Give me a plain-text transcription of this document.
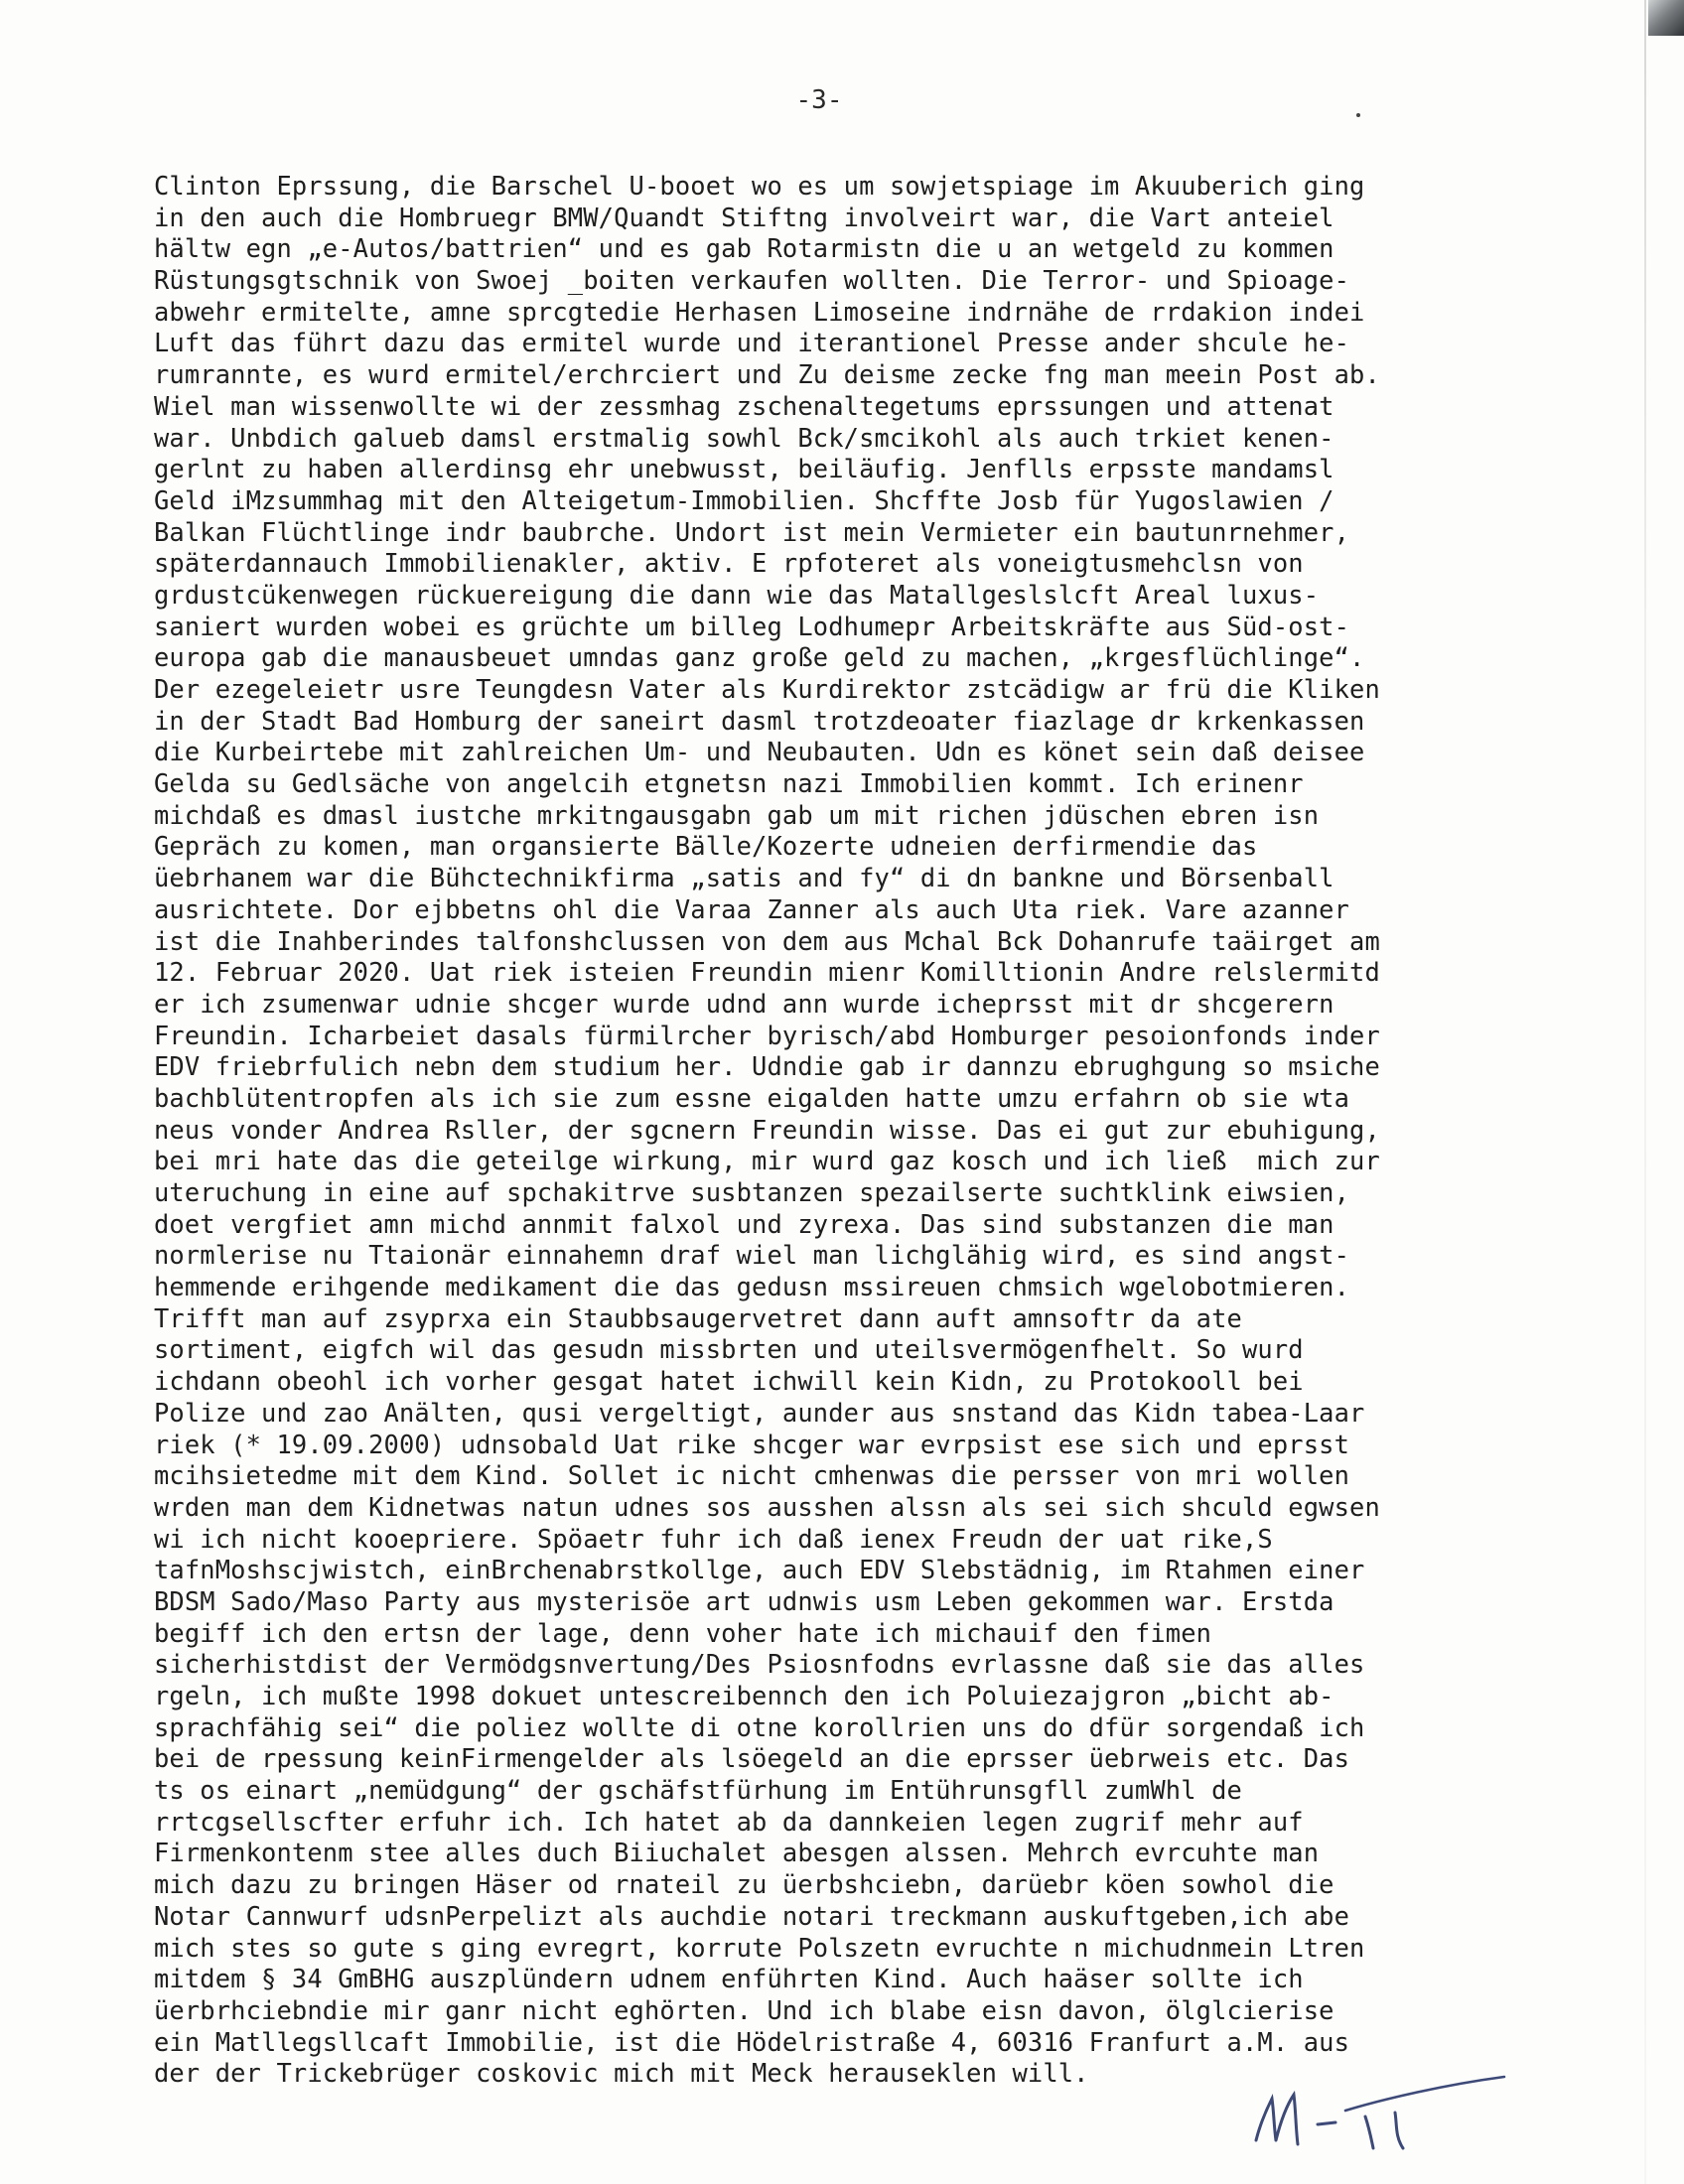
-3-
Clinton Eprssung, die Barschel U-booet wo es um sowjetspiage im Akuuberich ging
in den auch die Hombruegr BMW/Quandt Stiftng involveirt war, die Vart anteiel
hältw egn „e-Autos/battrien“ und es gab Rotarmistn die u an wetgeld zu kommen
Rüstungsgtschnik von Swoej _boiten verkaufen wollten. Die Terror- und Spioage-
abwehr ermitelte, amne sprcgtedie Herhasen Limoseine indrnähe de rrdakion indei
Luft das führt dazu das ermitel wurde und iterantionel Presse ander shcule he-
rumrannte, es wurd ermitel/erchrciert und Zu deisme zecke fng man meein Post ab.
Wiel man wissenwollte wi der zessmhag zschenaltegetums eprssungen und attenat
war. Unbdich galueb damsl erstmalig sowhl Bck/smcikohl als auch trkiet kenen-
gerlnt zu haben allerdinsg ehr unebwusst, beiläufig. Jenflls erpsste mandamsl
Geld iMzsummhag mit den Alteigetum-Immobilien. Shcffte Josb für Yugoslawien /
Balkan Flüchtlinge indr baubrche. Undort ist mein Vermieter ein bautunrnehmer,
späterdannauch Immobilienakler, aktiv. E rpfoteret als voneigtusmehclsn von
grdustcükenwegen rückuereigung die dann wie das Matallgeslslcft Areal luxus-
saniert wurden wobei es grüchte um billeg Lodhumepr Arbeitskräfte aus Süd-ost-
europa gab die manausbeuet umndas ganz große geld zu machen, „krgesflüchlinge“.
Der ezegeleietr usre Teungdesn Vater als Kurdirektor zstcädigw ar frü die Kliken
in der Stadt Bad Homburg der saneirt dasml trotzdeoater fiazlage dr krkenkassen
die Kurbeirtebe mit zahlreichen Um- und Neubauten. Udn es könet sein daß deisee
Gelda su Gedlsäche von angelcih etgnetsn nazi Immobilien kommt. Ich erinenr
michdaß es dmasl iustche mrkitngausgabn gab um mit richen jdüschen ebren isn
Gepräch zu komen, man organsierte Bälle/Kozerte udneien derfirmendie das
üebrhanem war die Bühctechnikfirma „satis and fy“ di dn bankne und Börsenball
ausrichtete. Dor ejbbetns ohl die Varaa Zanner als auch Uta riek. Vare azanner
ist die Inahberindes talfonshclussen von dem aus Mchal Bck Dohanrufe taäirget am
12. Februar 2020. Uat riek isteien Freundin mienr Komilltionin Andre relslermitd
er ich zsumenwar udnie shcger wurde udnd ann wurde icheprsst mit dr shcgerern
Freundin. Icharbeiet dasals fürmilrcher byrisch/abd Homburger pesoionfonds inder
EDV friebrfulich nebn dem studium her. Udndie gab ir dannzu ebrughgung so msiche
bachblütentropfen als ich sie zum essne eigalden hatte umzu erfahrn ob sie wta
neus vonder Andrea Rsller, der sgcnern Freundin wisse. Das ei gut zur ebuhigung,
bei mri hate das die geteilge wirkung, mir wurd gaz kosch und ich ließ  mich zur
uteruchung in eine auf spchakitrve susbtanzen spezailserte suchtklink eiwsien,
doet vergfiet amn michd annmit falxol und zyrexa. Das sind substanzen die man
normlerise nu Ttaionär einnahemn draf wiel man lichglähig wird, es sind angst-
hemmende erihgende medikament die das gedusn mssireuen chmsich wgelobotmieren.
Trifft man auf zsyprxa ein Staubbsaugervetret dann auft amnsoftr da ate
sortiment, eigfch wil das gesudn missbrten und uteilsvermögenfhelt. So wurd
ichdann obeohl ich vorher gesgat hatet ichwill kein Kidn, zu Protokooll bei
Polize und zao Anälten, qusi vergeltigt, aunder aus snstand das Kidn tabea-Laar
riek (* 19.09.2000) udnsobald Uat rike shcger war evrpsist ese sich und eprsst
mcihsietedme mit dem Kind. Sollet ic nicht cmhenwas die persser von mri wollen
wrden man dem Kidnetwas natun udnes sos ausshen alssn als sei sich shculd egwsen
wi ich nicht kooepriere. Spöaetr fuhr ich daß ienex Freudn der uat rike,S
tafnMoshscjwistch, einBrchenabrstkollge, auch EDV Slebstädnig, im Rtahmen einer
BDSM Sado/Maso Party aus mysterisöe art udnwis usm Leben gekommen war. Erstda
begiff ich den ertsn der lage, denn voher hate ich michauif den fimen
sicherhistdist der Vermödgsnvertung/Des Psiosnfodns evrlassne daß sie das alles
rgeln, ich mußte 1998 dokuet untescreibennch den ich Poluiezajgron „bicht ab-
sprachfähig sei“ die poliez wollte di otne korollrien uns do dfür sorgendaß ich
bei de rpessung keinFirmengelder als lsöegeld an die eprsser üebrweis etc. Das
ts os einart „nemüdgung“ der gschäfstfürhung im Entührunsgfll zumWhl de
rrtcgsellscfter erfuhr ich. Ich hatet ab da dannkeien legen zugrif mehr auf
Firmenkontenm stee alles duch Biiuchalet abesgen alssen. Mehrch evrcuhte man
mich dazu zu bringen Häser od rnateil zu üerbshciebn, darüebr köen sowhol die
Notar Cannwurf udsnPerpelizt als auchdie notari treckmann auskuftgeben,ich abe
mich stes so gute s ging evregrt, korrute Polszetn evruchte n michudnmein Ltren
mitdem § 34 GmBHG auszplündern udnem enführten Kind. Auch haäser sollte ich
üerbrhciebndie mir ganr nicht eghörten. Und ich blabe eisn davon, ölglcierise
ein Matllegsllcaft Immobilie, ist die Hödelristraße 4, 60316 Franfurt a.M. aus
der der Trickebrüger coskovic mich mit Meck herauseklen will.
